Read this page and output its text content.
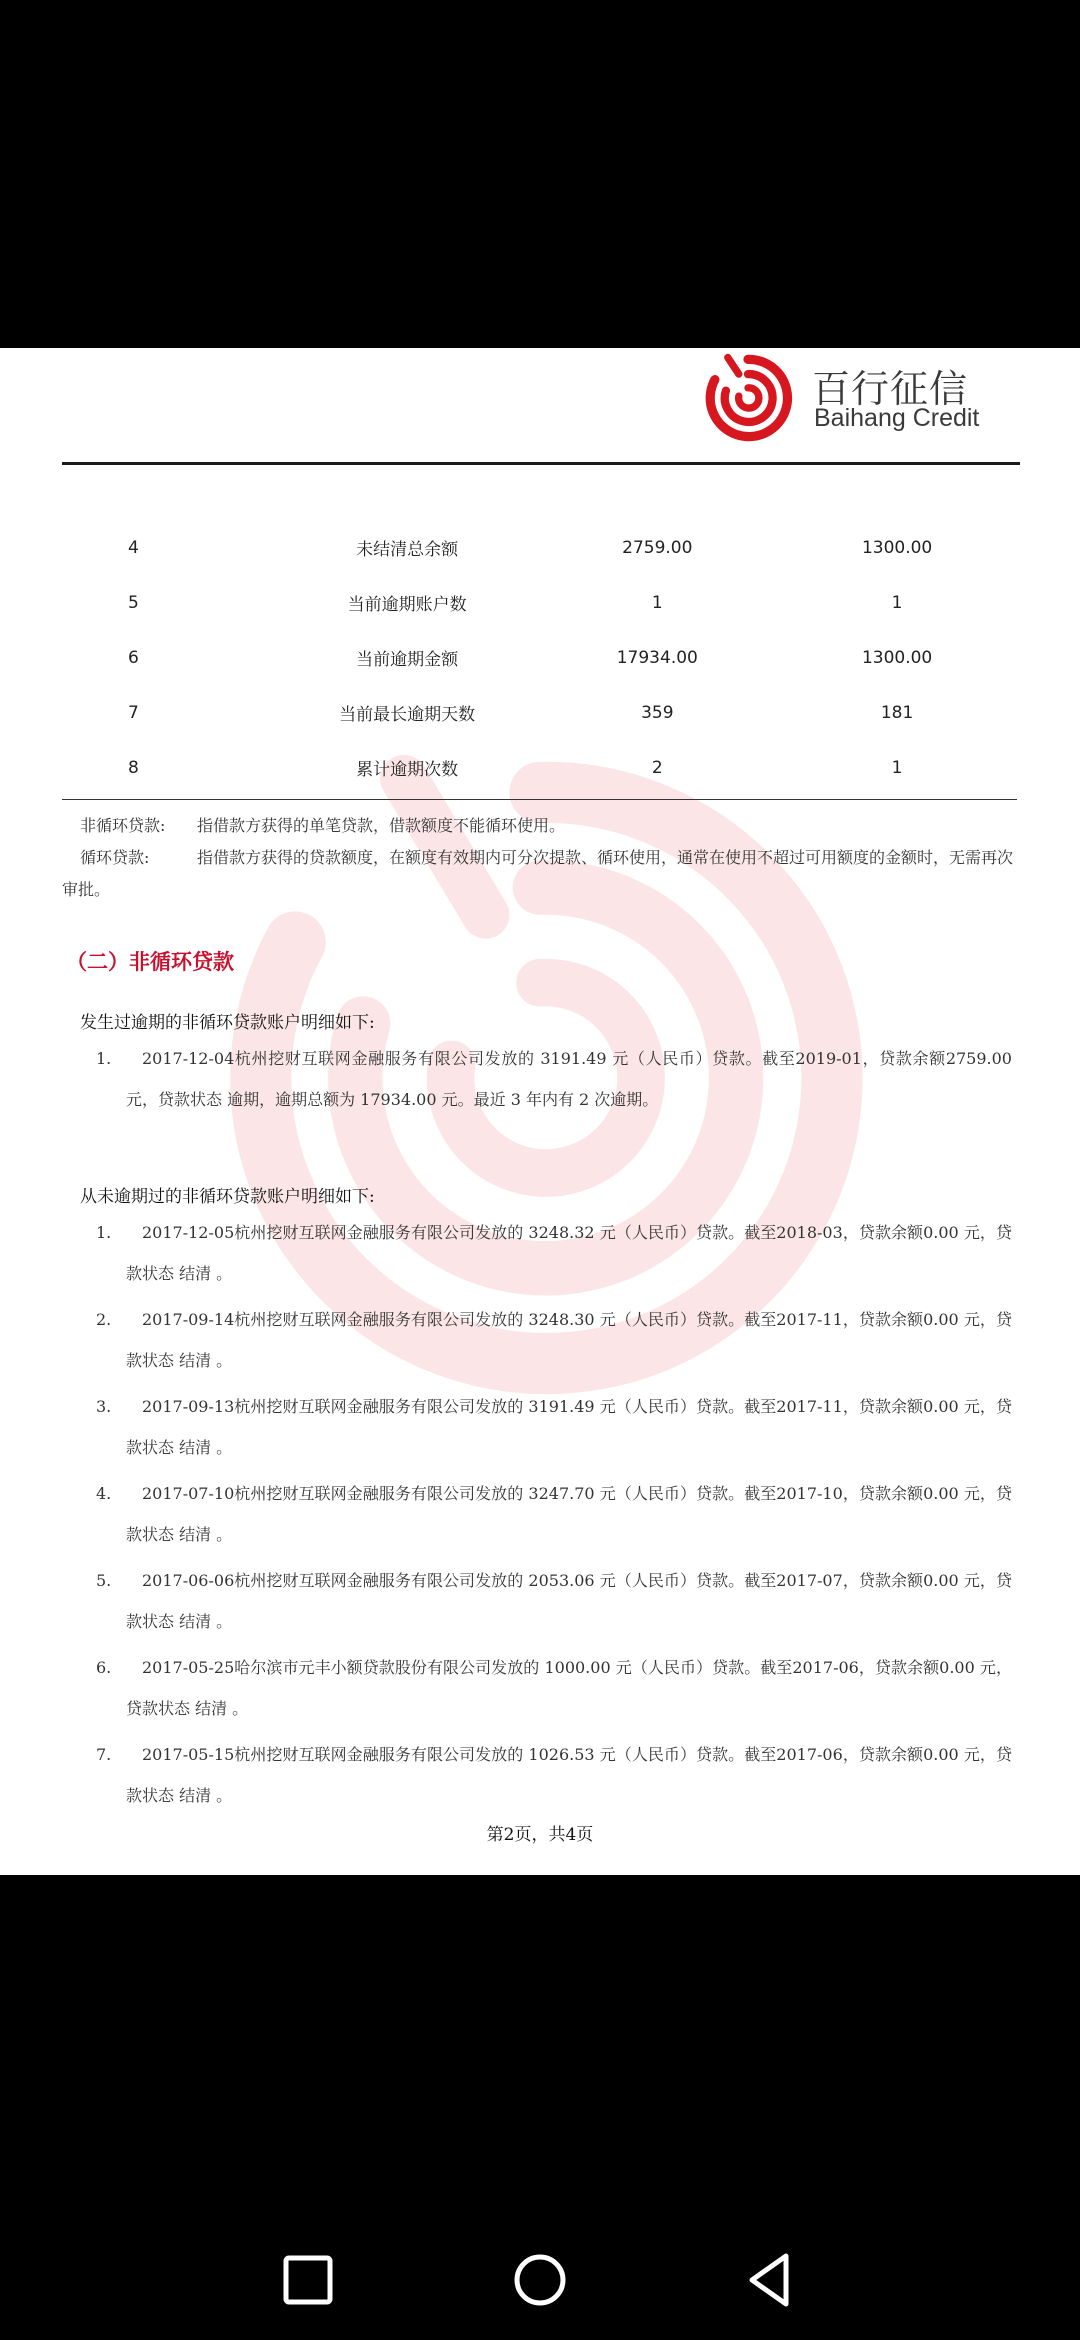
百行征信
Baihang Credit
4	未结清总余额	2759.00	1300.00
5	当前逾期账户数	1	1
6	当前逾期金额	17934.00	1300.00
7	当前最长逾期天数	359	181
8	累计逾期次数	2	1
非循环贷款: 指借款方获得的单笔贷款，借款额度不能循环使用。
循环贷款:	指借款方获得的贷款额度，在额度有效期内可分次提款、循环使用，通常在使用不超过可用额度的金额时，无需再次审批。
（二）非循环贷款
发生过逾期的非循环贷款账户明细如下:
1. 2017-12-04杭州挖财互联网金融服务有限公司发放的 3191.49 元（人民币）贷款。截至2019-01，贷款余额2759.00 元，贷款状态 逾期，逾期总额为 17934.00 元。最近 3 年内有 2 次逾期。
从未逾期过的非循环贷款账户明细如下:
1. 2017-12-05杭州挖财互联网金融服务有限公司发放的 3248.32 元（人民币）贷款。截至2018-03，贷款余额0.00 元，贷款状态 结清 。
2. 2017-09-14杭州挖财互联网金融服务有限公司发放的 3248.30 元（人民币）贷款。截至2017-11，贷款余额0.00 元，贷款状态 结清 。
3. 2017-09-13杭州挖财互联网金融服务有限公司发放的 3191.49 元（人民币）贷款。截至2017-11，贷款余额0.00 元，贷款状态 结清 。
4. 2017-07-10杭州挖财互联网金融服务有限公司发放的 3247.70 元（人民币）贷款。截至2017-10，贷款余额0.00 元，贷款状态 结清 。
5. 2017-06-06杭州挖财互联网金融服务有限公司发放的 2053.06 元（人民币）贷款。截至2017-07，贷款余额0.00 元，贷款状态 结清 。
6. 2017-05-25哈尔滨市元丰小额贷款股份有限公司发放的 1000.00 元（人民币）贷款。截至2017-06，贷款余额0.00 元，贷款状态 结清 。
7. 2017-05-15杭州挖财互联网金融服务有限公司发放的 1026.53 元（人民币）贷款。截至2017-06，贷款余额0.00 元，贷款状态 结清 。
第2页，共4页
